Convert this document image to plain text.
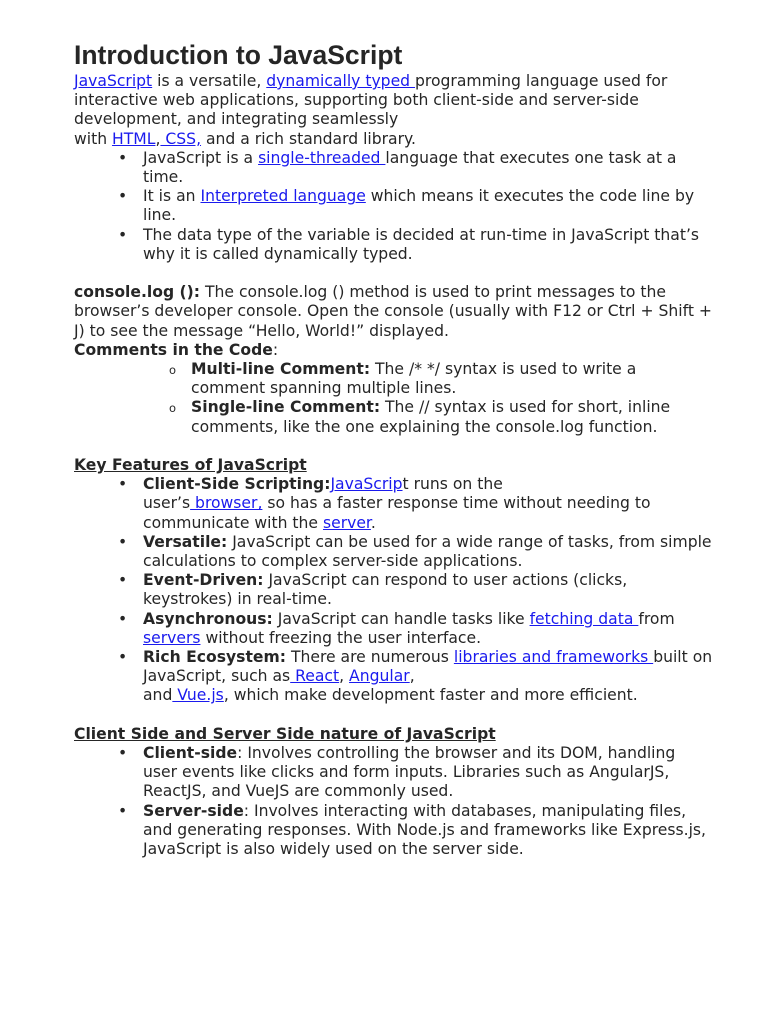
Introduction to JavaScript

JavaScript is a versatile, dynamically typed programming language used for interactive web applications, supporting both client-side and server-side development, and integrating seamlessly
with HTML, CSS, and a rich standard library.

• JavaScript is a single-threaded language that executes one task at a time.
• It is an Interpreted language which means it executes the code line by line.
• The data type of the variable is decided at run-time in JavaScript that’s why it is called dynamically typed.

console.log (): The console.log () method is used to print messages to the browser’s developer console. Open the console (usually with F12 or Ctrl + Shift + J) to see the message “Hello, World!” displayed.

Comments in the Code:

o Multi-line Comment: The /* */ syntax is used to write a comment spanning multiple lines.
o Single-line Comment: The // syntax is used for short, inline comments, like the one explaining the console.log function.

Key Features of JavaScript

• Client-Side Scripting:JavaScript runs on the
user’s browser, so has a faster response time without needing to communicate with the server.
• Versatile: JavaScript can be used for a wide range of tasks, from simple calculations to complex server-side applications.
• Event-Driven: JavaScript can respond to user actions (clicks, keystrokes) in real-time.
• Asynchronous: JavaScript can handle tasks like fetching data from servers without freezing the user interface.
• Rich Ecosystem: There are numerous libraries and frameworks built on JavaScript, such as React, Angular,
and Vue.js, which make development faster and more efficient.

Client Side and Server Side nature of JavaScript

• Client-side: Involves controlling the browser and its DOM, handling user events like clicks and form inputs. Libraries such as AngularJS, ReactJS, and VueJS are commonly used.
• Server-side: Involves interacting with databases, manipulating files, and generating responses. With Node.js and frameworks like Express.js, JavaScript is also widely used on the server side.
